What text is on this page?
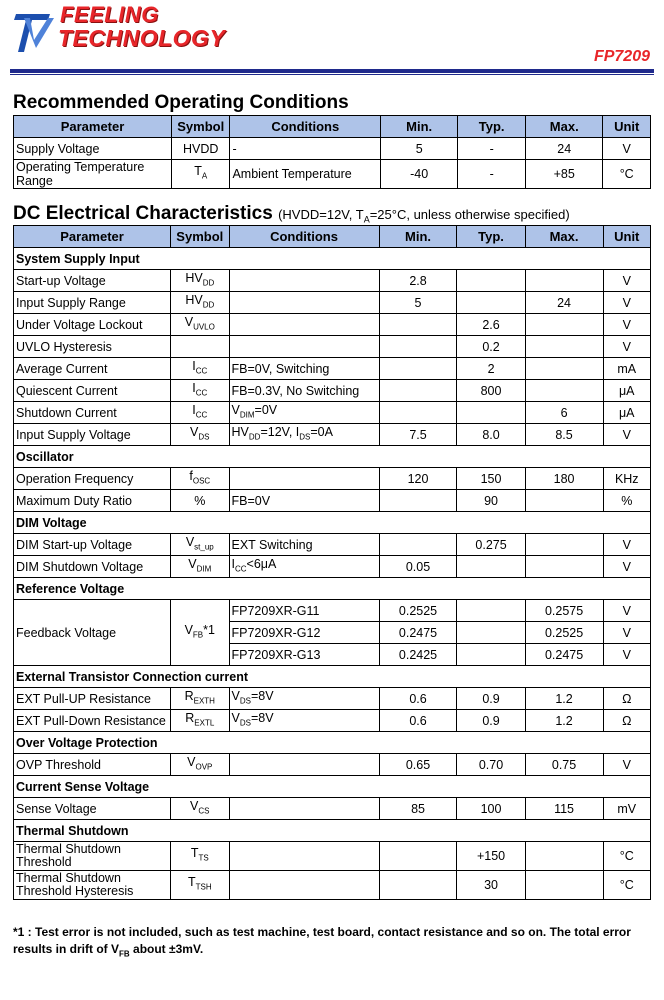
FEELING
TECHNOLOGY
FP7209
Recommended Operating Conditions
Parameter	Symbol	Conditions	Min.	Typ.	Max.	Unit
Supply Voltage	HVDD	-	5	-	24	V
Operating Temperature Range	$T_A$	Ambient Temperature	-40	-	+85	°C
DC Electrical Characteristics (HVDD=12V, $T_A=25^\circ C$, unless otherwise specified)
Parameter	Symbol	Conditions	Min.	Typ.	Max.	Unit
System Supply Input						
Start-up Voltage	$HV_{DD}$		2.8			V
Input Supply Range	$HV_{DD}$		5		24	V
Under Voltage Lockout	$V_{UVLO}$			2.6		V
UVLO Hysteresis				0.2		V
Average Current	$I_{CC}$	FB=0V, Switching		2		mA
Quiescent Current	$I_{CC}$	FB=0.3V, No Switching		800		μA
Shutdown Current	$I_{CC}$	$V_{DIM}=0V$			6	μA
Input Supply Voltage	$V_{DS}$	$HV_{DD}=12V$, $I_{DS}=0A$	7.5	8.0	8.5	V
Oscillator						
Operation Frequency	$f_{OSC}$		120	150	180	KHz
Maximum Duty Ratio	%	FB=0V		90		%
DIM Voltage						
DIM Start-up Voltage	$V_{st\_up}$	EXT Switching		0.275		V
DIM Shutdown Voltage	$V_{DIM}$	$I_{CC}<6\mu A$	0.05			V
Reference Voltage						
Feedback Voltage	$V_{FB}*1$	FP7209XR-G11	0.2525		0.2575	V
		FP7209XR-G12	0.2475		0.2525	V
		FP7209XR-G13	0.2425		0.2475	V
External Transistor Connection current						
EXT Pull-UP Resistance	$R_{EXTH}$	$V_{DS}=8V$	0.6	0.9	1.2	Ω
EXT Pull-Down Resistance	$R_{EXTL}$	$V_{DS}=8V$	0.6	0.9	1.2	Ω
Over Voltage Protection						
OVP Threshold	$V_{OVP}$		0.65	0.70	0.75	V
Current Sense Voltage						
Sense Voltage	$V_{CS}$		85	100	115	mV
Thermal Shutdown						
Thermal Shutdown Threshold	$T_{TS}$			+150		°C
Thermal Shutdown Threshold Hysteresis	$T_{TSH}$			30		°C
*1 : Test error is not included, such as test machine, test board, contact resistance and so on. The total error results in drift of $V_{FB}$ about ±3mV.
